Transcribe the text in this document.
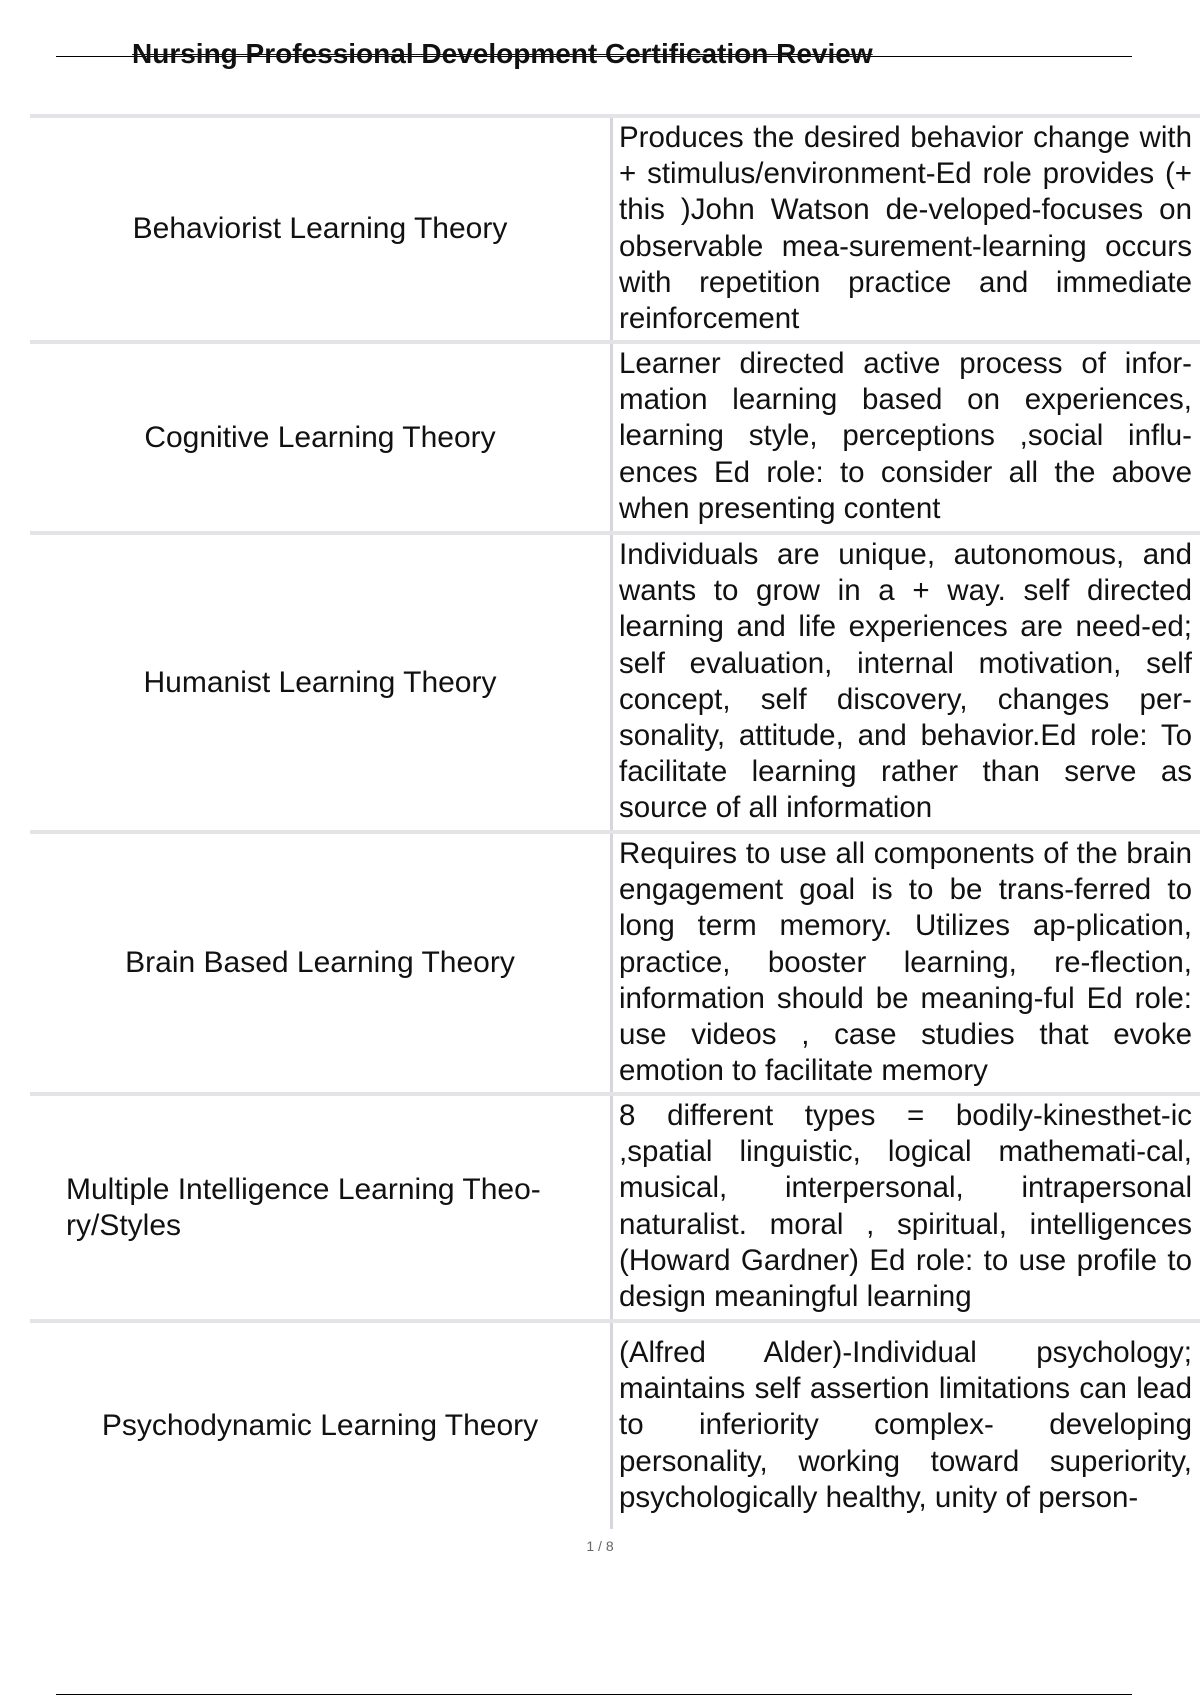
Nursing Professional Development Certification Review
Behaviorist Learning Theory
Produces the desired behavior change with + stimulus/environment-Ed role provides (+ this )John Watson de-veloped-focuses on observable mea-surement-learning occurs with repetition practice and immediate reinforcement
Cognitive Learning Theory
Learner directed active process of infor-mation learning based on experiences, learning style, perceptions ,social influ-ences Ed role: to consider all the above when presenting content
Humanist Learning Theory
Individuals are unique, autonomous, and wants to grow in a + way. self directed learning and life experiences are need-ed; self evaluation, internal motivation, self concept, self discovery, changes per-sonality, attitude, and behavior.Ed role: To facilitate learning rather than serve as source of all information
Brain Based Learning Theory
Requires to use all components of the brain engagement goal is to be trans-ferred to long term memory. Utilizes ap-plication, practice, booster learning, re-flection, information should be meaning-ful Ed role: use videos , case studies that evoke emotion to facilitate memory
Multiple Intelligence Learning Theo-ry/Styles
8 different types = bodily-kinesthet-ic ,spatial linguistic, logical mathemati-cal, musical, interpersonal, intrapersonal naturalist. moral , spiritual, intelligences (Howard Gardner) Ed role: to use profile to design meaningful learning
Psychodynamic Learning Theory
(Alfred Alder)-Individual psychology; maintains self assertion limitations can lead to inferiority complex- developing personality, working toward superiority, psychologically healthy, unity of person-
1 / 8
